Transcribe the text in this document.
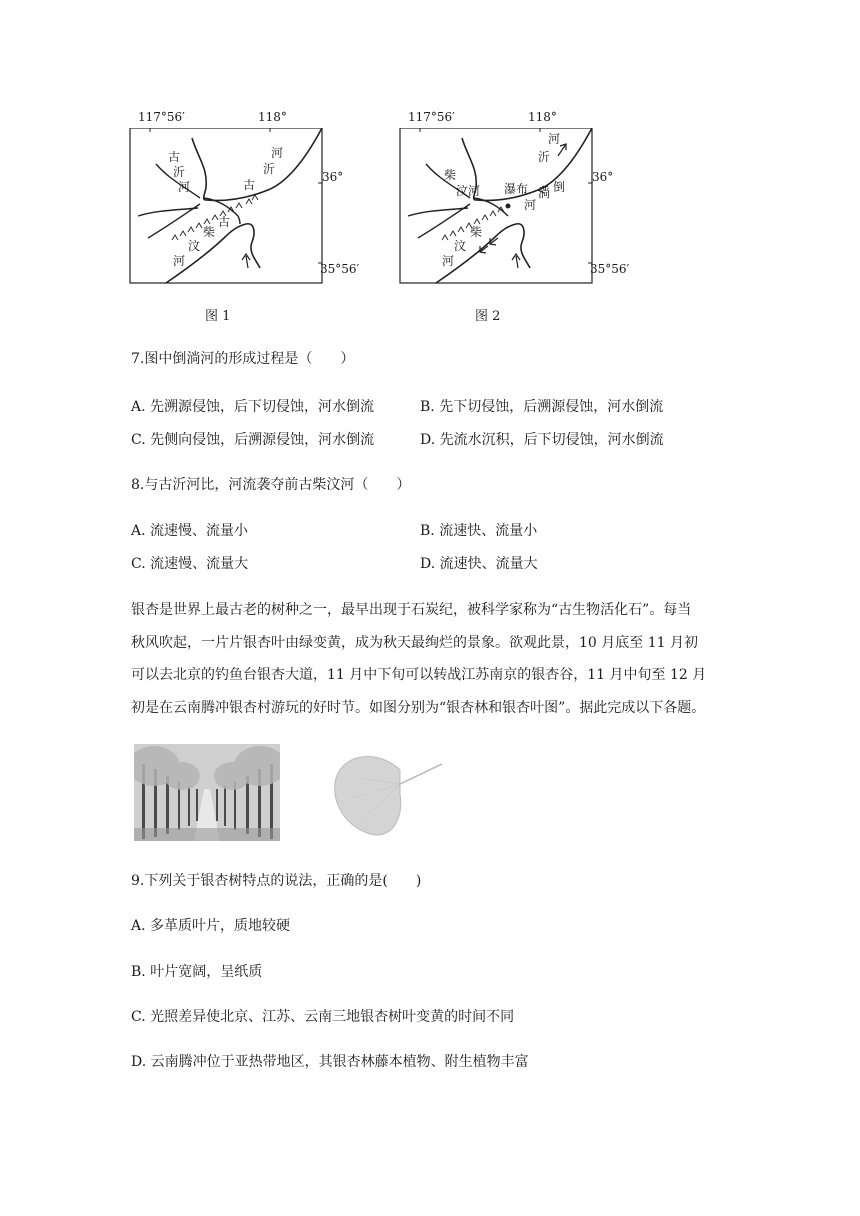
117°56′	118°
36°
35°56′
古
沂
河
河
沂
古
古
柴
汶
河
图 1
117°56′	118°
36°
35°56′
河
沂
柴
汶河 瀑布 倒
淌
河
柴
汶
河
图 2
7.图中倒淌河的形成过程是（　　）
A. 先溯源侵蚀，后下切侵蚀，河水倒流	B. 先下切侵蚀，后溯源侵蚀，河水倒流
C. 先侧向侵蚀，后溯源侵蚀，河水倒流	D. 先流水沉积，后下切侵蚀，河水倒流
8.与古沂河比，河流袭夺前古柴汶河（　　）
A. 流速慢、流量小	B. 流速快、流量小
C. 流速慢、流量大	D. 流速快、流量大
银杏是世界上最古老的树种之一，最早出现于石炭纪，被科学家称为“古生物活化石”。每当
秋风吹起，一片片银杏叶由绿变黄，成为秋天最绚烂的景象。欲观此景，10 月底至 11 月初
可以去北京的钓鱼台银杏大道，11 月中下旬可以转战江苏南京的银杏谷，11 月中旬至 12 月
初是在云南腾冲银杏村游玩的好时节。如图分别为“银杏林和银杏叶图”。据此完成以下各题。
9.下列关于银杏树特点的说法，正确的是(　　)
A. 多革质叶片，质地较硬
B. 叶片宽阔，呈纸质
C. 光照差异使北京、江苏、云南三地银杏树叶变黄的时间不同
D. 云南腾冲位于亚热带地区，其银杏林藤本植物、附生植物丰富
